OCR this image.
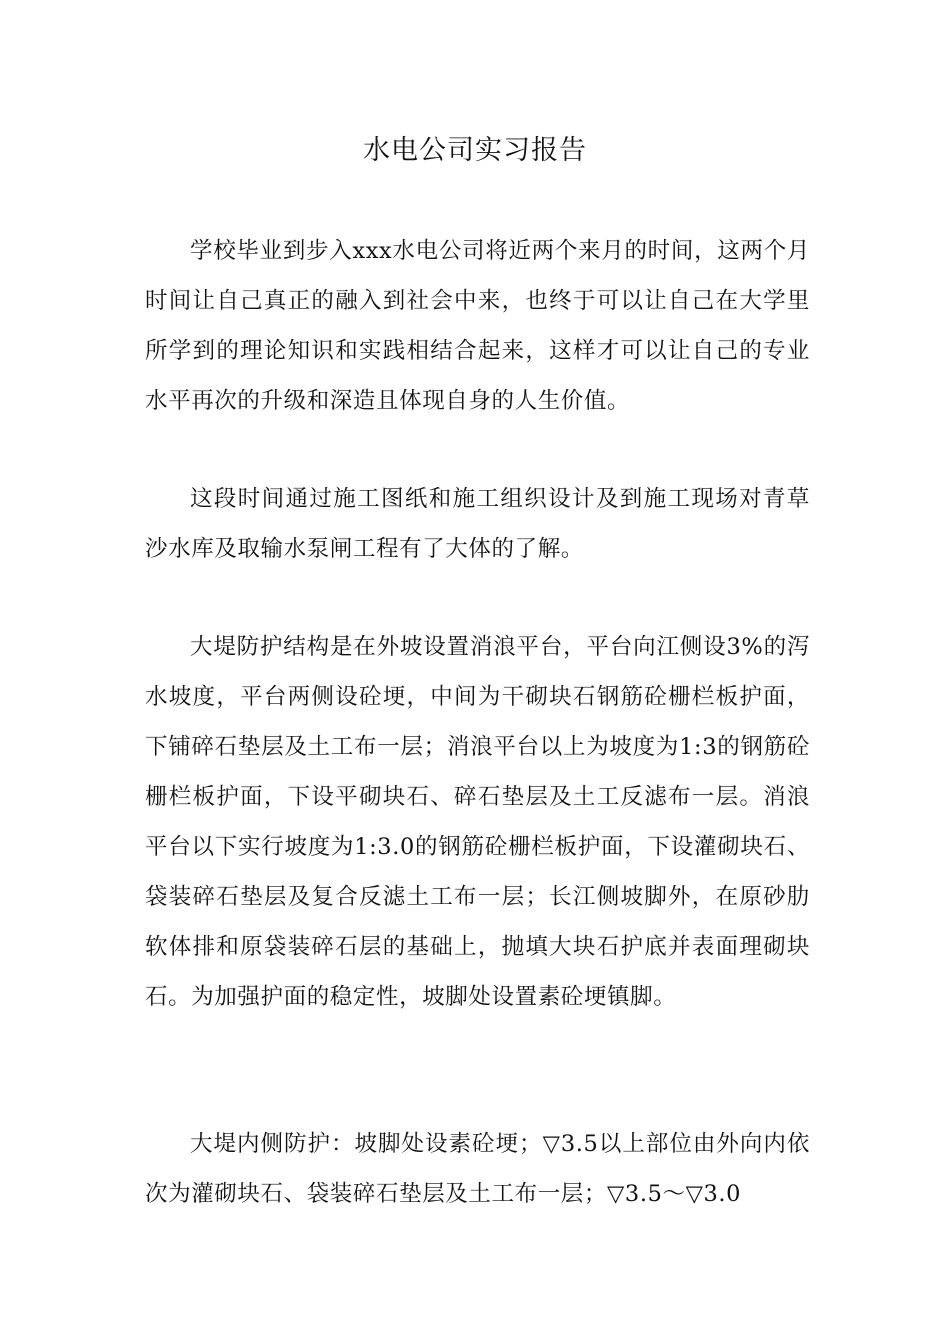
水电公司实习报告

学校毕业到步入xxx水电公司将近两个来月的时间，这两个月时间让自己真正的融入到社会中来，也终于可以让自己在大学里所学到的理论知识和实践相结合起来，这样才可以让自己的专业水平再次的升级和深造且体现自身的人生价值。

这段时间通过施工图纸和施工组织设计及到施工现场对青草沙水库及取输水泵闸工程有了大体的了解。

大堤防护结构是在外坡设置消浪平台，平台向江侧设3%的泻水坡度，平台两侧设砼埂，中间为干砌块石钢筋砼栅栏板护面，下铺碎石垫层及土工布一层；消浪平台以上为坡度为1:3的钢筋砼栅栏板护面，下设平砌块石、碎石垫层及土工反滤布一层。消浪平台以下实行坡度为1:3.0的钢筋砼栅栏板护面，下设灌砌块石、袋装碎石垫层及复合反滤土工布一层；长江侧坡脚外，在原砂肋软体排和原袋装碎石层的基础上，抛填大块石护底并表面理砌块石。为加强护面的稳定性，坡脚处设置素砼埂镇脚。

大堤内侧防护：坡脚处设素砼埂；▽3.5以上部位由外向内依次为灌砌块石、袋装碎石垫层及土工布一层；▽3.5～▽3.0
